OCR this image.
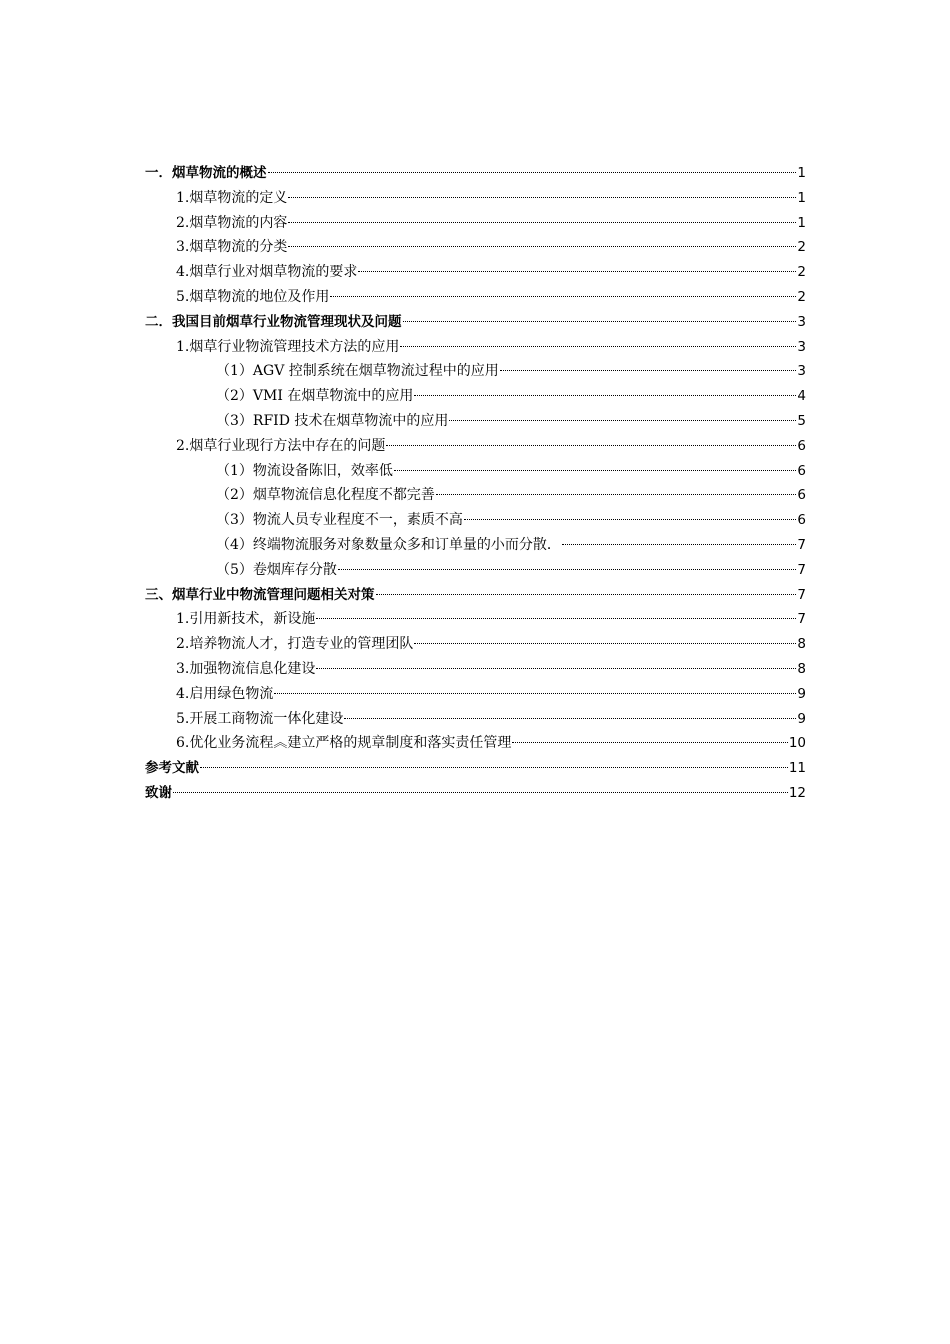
一．烟草物流的概述	1
1.烟草物流的定义	1
2.烟草物流的内容	1
3.烟草物流的分类	2
4.烟草行业对烟草物流的要求	2
5.烟草物流的地位及作用	2
二．我国目前烟草行业物流管理现状及问题	3
1.烟草行业物流管理技术方法的应用	3
（1）AGV 控制系统在烟草物流过程中的应用	3
（2）VMI 在烟草物流中的应用	4
（3）RFID 技术在烟草物流中的应用	5
2.烟草行业现行方法中存在的问题	6
（1）物流设备陈旧，效率低	6
（2）烟草物流信息化程度不都完善	6
（3）物流人员专业程度不一，素质不高	6
（4）终端物流服务对象数量众多和订单量的小而分散．	7
（5）卷烟库存分散	7
三、烟草行业中物流管理问题相关对策	7
1.引用新技术，新设施	7
2.培养物流人才，打造专业的管理团队	8
3.加强物流信息化建设	8
4.启用绿色物流	9
5.开展工商物流一体化建设	9
6.优化业务流程︽建立严格的规章制度和落实责任管理	10
参考文献	11
致谢	12
